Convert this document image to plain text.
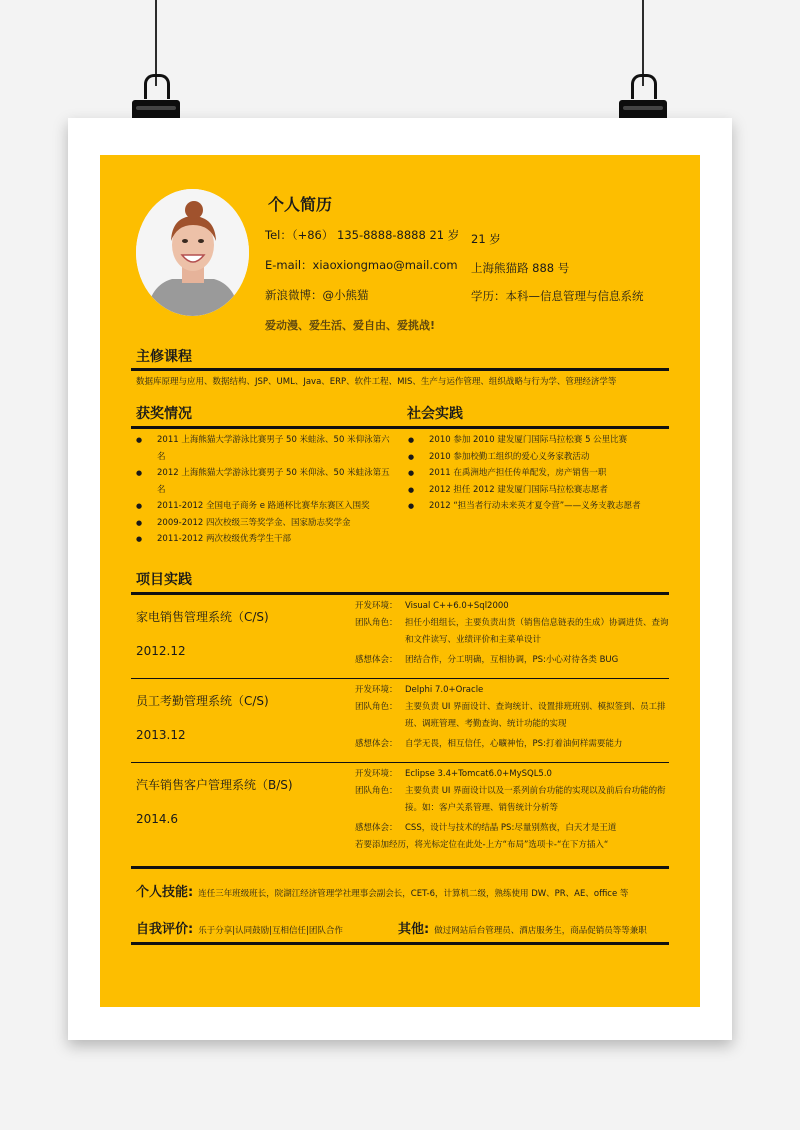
个人简历
Tel：（+86） 135-8888-8888 21 岁
E-mail：xiaoxiongmao@mail.com
新浪微博：@小熊猫
21 岁
上海熊猫路 888 号
学历：本科—信息管理与信息系统
爱动漫、爱生活、爱自由、爱挑战!
主修课程
数据库原理与应用、数据结构、JSP、UML、Java、ERP、软件工程、MIS、生产与运作管理、组织战略与行为学、管理经济学等
获奖情况	社会实践
● 2011 上海熊猫大学游泳比赛男子 50 米蛙泳、50 米仰泳第六名
● 2012 上海熊猫大学游泳比赛男子 50 米仰泳、50 米蛙泳第五名
● 2011-2012 全国电子商务 e 路通杯比赛华东赛区入围奖
● 2009-2012 四次校级三等奖学金、国家励志奖学金
● 2011-2012 两次校级优秀学生干部
● 2010 参加 2010 建发厦门国际马拉松赛 5 公里比赛
● 2010 参加校勤工组织的爱心义务家教活动
● 2011 在禹洲地产担任传单配发，房产销售一职
● 2012 担任 2012 建发厦门国际马拉松赛志愿者
● 2012 “担当者行动未来英才夏令营”——义务支教志愿者
项目实践
家电销售管理系统（C/S)
2012.12
开发环境： Visual C++6.0+Sql2000
团队角色： 担任小组组长，主要负责出货（销售信息链表的生成）协调进货、查询和文件读写、业绩评价和主菜单设计
感想体会： 团结合作，分工明确，互相协调，PS:小心对待各类 BUG
员工考勤管理系统（C/S)
2013.12
开发环境： Delphi 7.0+Oracle
团队角色： 主要负责 UI 界面设计、查询统计、设置排班班别、模拟签到、员工排班、调班管理、考勤查询、统计功能的实现
感想体会： 自学无畏，相互信任，心曠神怡，PS:打着油何样需要能力
汽车销售客户管理系统（B/S)
2014.6
开发环境： Eclipse 3.4+Tomcat6.0+MySQL5.0
团队角色： 主要负责 UI 界面设计以及一系列前台功能的实现以及前后台功能的衔接。如：客户关系管理、销售统计分析等
感想体会： CSS，设计与技术的结晶 PS:尽量别熬夜，白天才是王道
若要添加经历，将光标定位在此处-上方“布局”选项卡-“在下方插入“
个人技能: 连任三年班级班长，院湖江经济管理学社理事会副会长，CET-6，计算机二级，熟练使用 DW、PR、AE、office 等
自我评价: 乐于分享|认同鼓励|互相信任|团队合作	其他: 做过网站后台管理员、酒店服务生，商品促销员等等兼职
